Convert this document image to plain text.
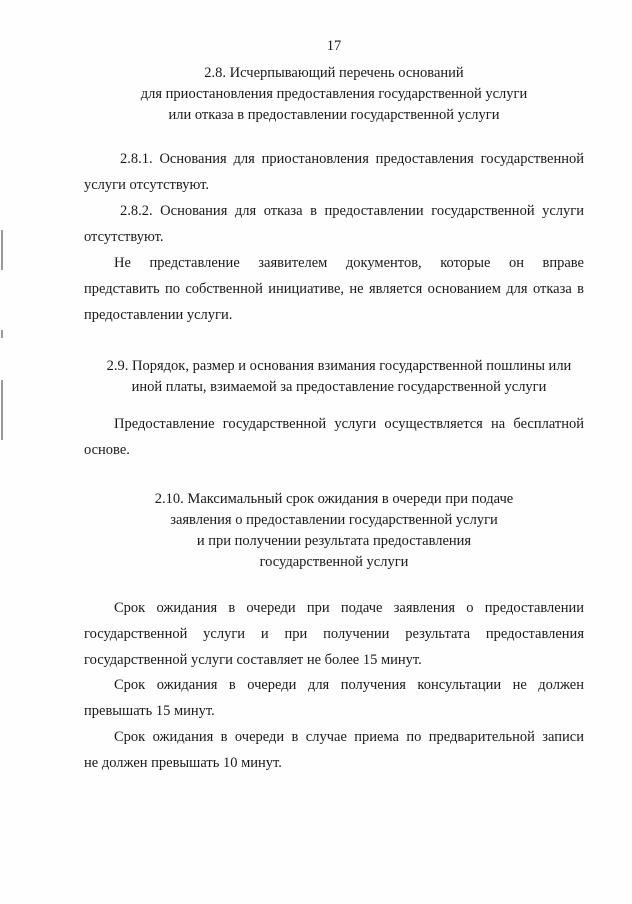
17
2.8. Исчерпывающий перечень оснований
для приостановления предоставления государственной услуги
или отказа в предоставлении государственной услуги
2.8.1. Основания для приостановления предоставления государственной
услуги отсутствуют.
2.8.2. Основания для отказа в предоставлении государственной услуги
отсутствуют.
Не представление заявителем документов, которые он вправе
представить по собственной инициативе, не является основанием для отказа в
предоставлении услуги.
2.9. Порядок, размер и основания взимания государственной пошлины или
иной платы, взимаемой за предоставление государственной услуги
Предоставление государственной услуги осуществляется на бесплатной
основе.
2.10. Максимальный срок ожидания в очереди при подаче
заявления о предоставлении государственной услуги
и при получении результата предоставления
государственной услуги
Срок ожидания в очереди при подаче заявления о предоставлении
государственной услуги и при получении результата предоставления
государственной услуги составляет не более 15 минут.
Срок ожидания в очереди для получения консультации не должен
превышать 15 минут.
Срок ожидания в очереди в случае приема по предварительной записи
не должен превышать 10 минут.
